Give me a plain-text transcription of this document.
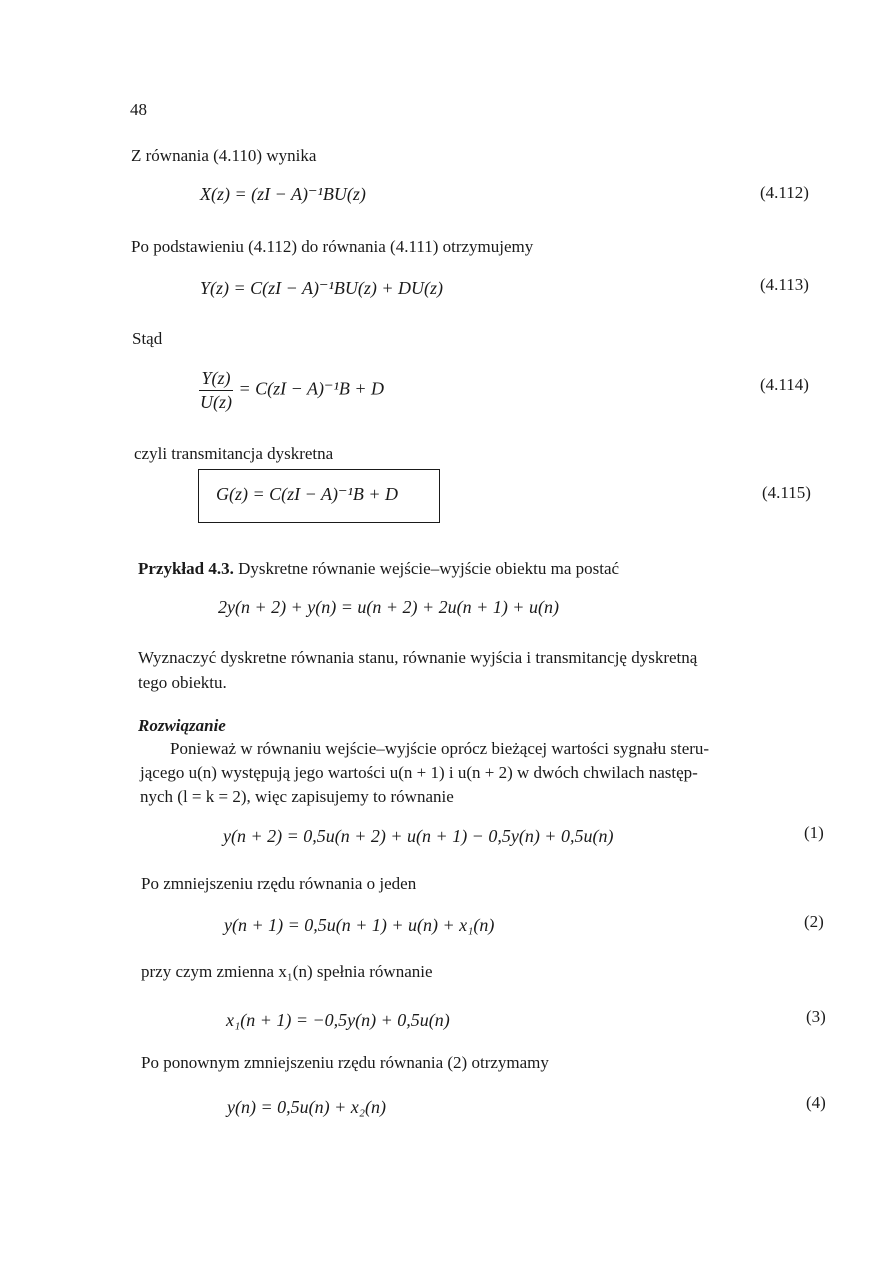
48
Z równania (4.110) wynika
X(z) = (zI − A)⁻¹BU(z)	(4.112)
Po podstawieniu (4.112) do równania (4.111) otrzymujemy
Y(z) = C(zI − A)⁻¹BU(z) + DU(z)	(4.113)
Stąd
$\frac{Y(z)}{U(z)} = C(zI - A)^{-1}B + D$	(4.114)
czyli transmitancja dyskretna
G(z) = C(zI − A)⁻¹B + D	(4.115)
Przykład 4.3. Dyskretne równanie wejście–wyjście obiektu ma postać
2y(n + 2) + y(n) = u(n + 2) + 2u(n + 1) + u(n)
Wyznaczyć dyskretne równania stanu, równanie wyjścia i transmitancję dyskretną
tego obiektu.
Rozwiązanie
Ponieważ w równaniu wejście–wyjście oprócz bieżącej wartości sygnału steru-
jącego u(n) występują jego wartości u(n + 1) i u(n + 2) w dwóch chwilach następ-
nych (l = k = 2), więc zapisujemy to równanie
y(n + 2) = 0,5u(n + 2) + u(n + 1) − 0,5y(n) + 0,5u(n)	(1)
Po zmniejszeniu rzędu równania o jeden
y(n + 1) = 0,5u(n + 1) + u(n) + x₁(n)	(2)
przy czym zmienna x₁(n) spełnia równanie
x₁(n + 1) = −0,5y(n) + 0,5u(n)	(3)
Po ponownym zmniejszeniu rzędu równania (2) otrzymamy
y(n) = 0,5u(n) + x₂(n)	(4)
